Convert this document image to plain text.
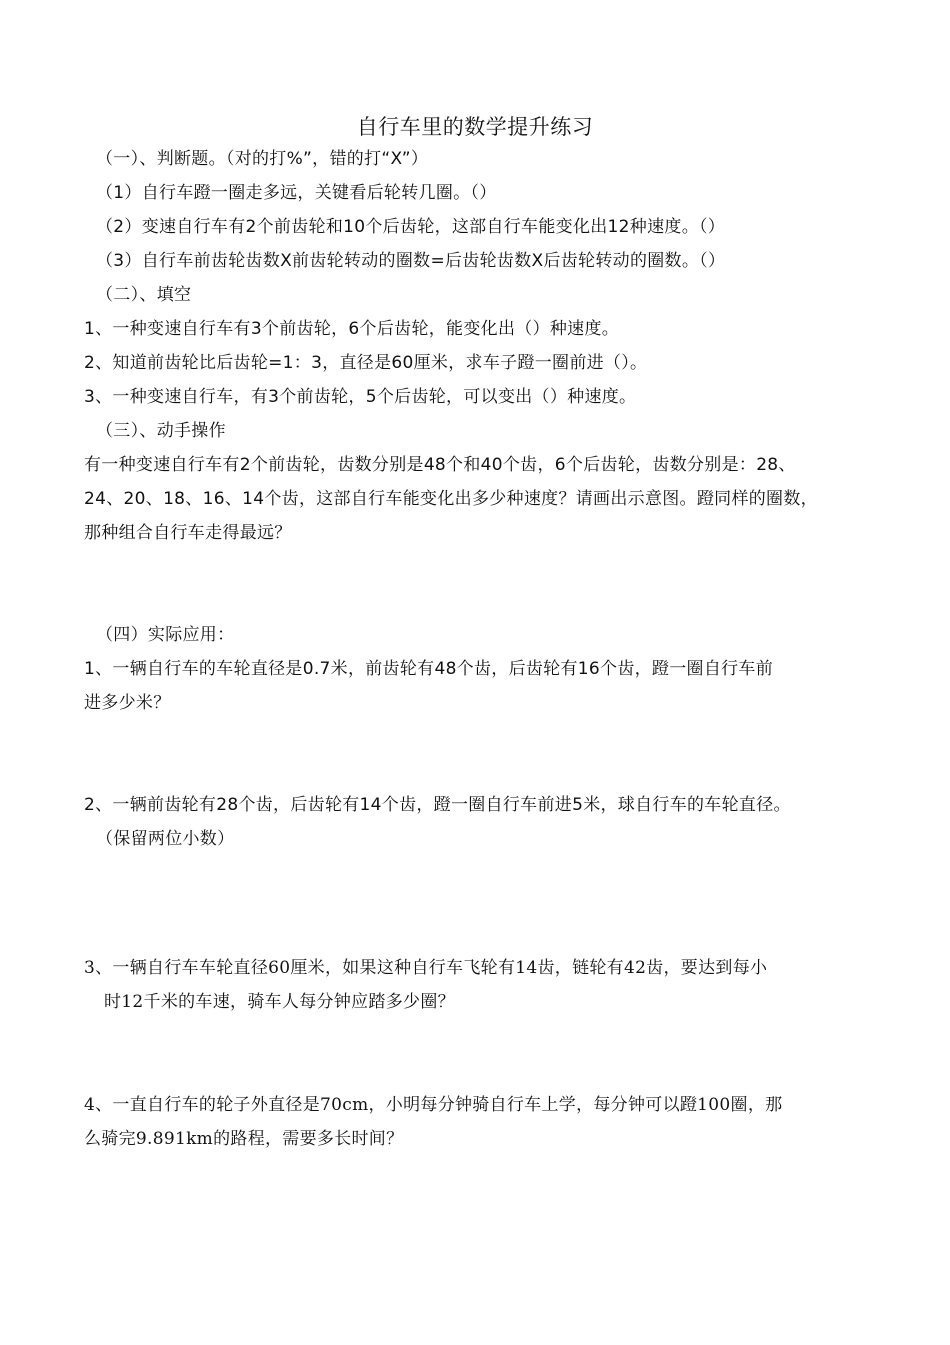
自行车里的数学提升练习
（一）、判断题。（对的打%”，错的打“X”）
（1）自行车蹬一圈走多远，关键看后轮转几圈。（）
（2）变速自行车有2个前齿轮和10个后齿轮，这部自行车能变化出12种速度。（）
（3）自行车前齿轮齿数X前齿轮转动的圈数=后齿轮齿数X后齿轮转动的圈数。（）
（二）、填空
1、一种变速自行车有3个前齿轮，6个后齿轮，能变化出（）种速度。
2、知道前齿轮比后齿轮=1：3，直径是60厘米，求车子蹬一圈前进（）。
3、一种变速自行车，有3个前齿轮，5个后齿轮，可以变出（）种速度。
（三）、动手操作
有一种变速自行车有2个前齿轮，齿数分别是48个和40个齿，6个后齿轮，齿数分别是：28、
24、20、18、16、14个齿，这部自行车能变化出多少种速度？请画出示意图。蹬同样的圈数，
那种组合自行车走得最远？
（四）实际应用：
1、一辆自行车的车轮直径是0.7米，前齿轮有48个齿，后齿轮有16个齿，蹬一圈自行车前
进多少米？
2、一辆前齿轮有28个齿，后齿轮有14个齿，蹬一圈自行车前进5米，球自行车的车轮直径。
（保留两位小数）
3、一辆自行车车轮直径60厘米，如果这种自行车飞轮有14齿，链轮有42齿，要达到每小
时12千米的车速，骑车人每分钟应踏多少圈？
4、一直自行车的轮子外直径是70cm，小明每分钟骑自行车上学，每分钟可以蹬100圈，那
么骑完9.891km的路程，需要多长时间？
